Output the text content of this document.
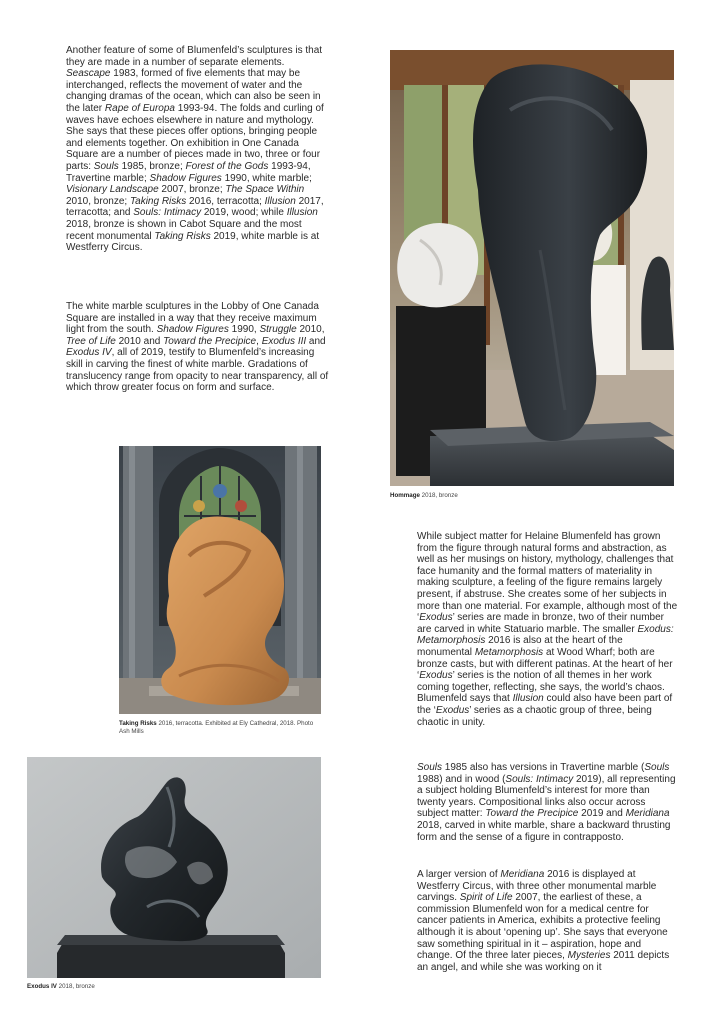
Another feature of some of Blumenfeld’s sculptures is that they are made in a number of separate elements. Seascape 1983, formed of five elements that may be interchanged, reflects the movement of water and the changing dramas of the ocean, which can also be seen in the later Rape of Europa 1993-94. The folds and curling of waves have echoes elsewhere in nature and mythology. She says that these pieces offer options, bringing people and elements together. On exhibition in One Canada Square are a number of pieces made in two, three or four parts: Souls 1985, bronze; Forest of the Gods 1993-94, Travertine marble; Shadow Figures 1990, white marble; Visionary Landscape 2007, bronze; The Space Within 2010, bronze; Taking Risks 2016, terracotta; Illusion 2017, terracotta; and Souls: Intimacy 2019, wood; while Illusion 2018, bronze is shown in Cabot Square and the most recent monumental Taking Risks 2019, white marble is at Westferry Circus.

The white marble sculptures in the Lobby of One Canada Square are installed in a way that they receive maximum light from the south. Shadow Figures 1990, Struggle 2010, Tree of Life 2010 and Toward the Precipice, Exodus III and Exodus IV, all of 2019, testify to Blumenfeld’s increasing skill in carving the finest of white marble. Gradations of translucency range from opacity to near transparency, all of which throw greater focus on form and surface.

Hommage 2018, bronze

Taking Risks 2016, terracotta. Exhibited at Ely Cathedral, 2018. Photo Ash Mills

Exodus IV 2018, bronze

While subject matter for Helaine Blumenfeld has grown from the figure through natural forms and abstraction, as well as her musings on history, mythology, challenges that face humanity and the formal matters of materiality in making sculpture, a feeling of the figure remains largely present, if abstruse. She creates some of her subjects in more than one material. For example, although most of the ‘Exodus’ series are made in bronze, two of their number are carved in white Statuario marble. The smaller Exodus: Metamorphosis 2016 is also at the heart of the monumental Metamorphosis at Wood Wharf; both are bronze casts, but with different patinas. At the heart of her ‘Exodus’ series is the notion of all themes in her work coming together, reflecting, she says, the world’s chaos. Blumenfeld says that Illusion could also have been part of the ‘Exodus’ series as a chaotic group of three, being chaotic in unity.

Souls 1985 also has versions in Travertine marble (Souls 1988) and in wood (Souls: Intimacy 2019), all representing a subject holding Blumenfeld’s interest for more than twenty years. Compositional links also occur across subject matter: Toward the Precipice 2019 and Meridiana 2018, carved in white marble, share a backward thrusting form and the sense of a figure in contrapposto.

A larger version of Meridiana 2016 is displayed at Westferry Circus, with three other monumental marble carvings. Spirit of Life 2007, the earliest of these, a commission Blumenfeld won for a medical centre for cancer patients in America, exhibits a protective feeling although it is about ‘opening up’. She says that everyone saw something spiritual in it – aspiration, hope and change. Of the three later pieces, Mysteries 2011 depicts an angel, and while she was working on it
